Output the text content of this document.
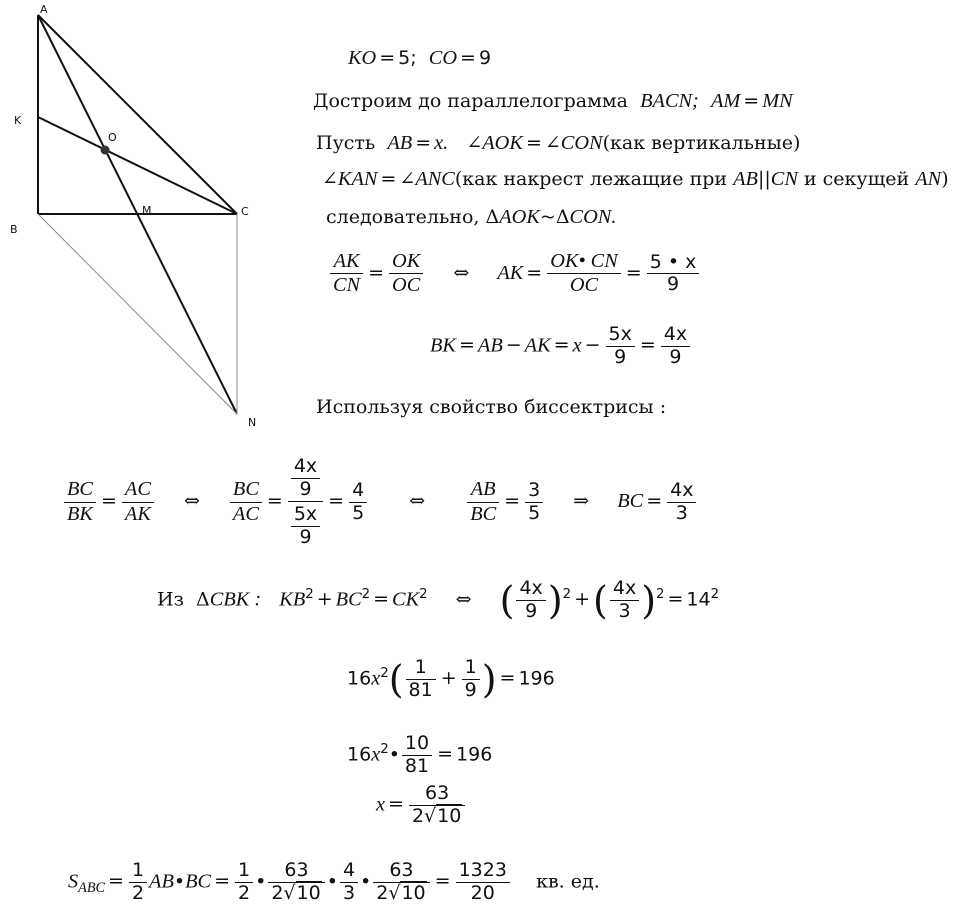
A
K
O
B
M	C
N
KO = 5; CO = 9
Достроим до параллелограмма BACN; AM = MN
Пусть AB = x. ∠AOK = ∠CON(как вертикальные)
∠KAN = ∠ANC(как накрест лежащие при AB||CN и секущей AN)
следовательно, ΔAOK~ΔCON.
$\frac{AK}{CN} = \frac{OK}{OC}$ ⇔ AK = $\frac{OK• CN}{OC} = \frac{5 • x}{9}$
BK = AB − AK = $x - \frac{5x}{9} = \frac{4x}{9}$
Используя свойство биссектрисы :
$\frac{BC}{BK} = \frac{AC}{AK}$ ⇔ $\frac{BC}{AC} = 4x$
9
5x
$9 = \frac{4}{5}$ ⇔ $\frac{AB}{BC} = \frac{3}{5}$ ⇒ BC = $\frac{4x}{3}$
Из ΔCBK : $KB^2 + BC^2 = CK^2$ ⇔ ( $\frac{4x}{9} )^2$ +( $\frac{4x}{3} )^2 = 14^2$
$16x^2( \frac{1}{81} + \frac{1}{9}$ ) = 196
$16x^2• \frac{10}{81} = 196$
$x = \frac{63}{2√10}$
$S_{ABC} = \frac{1}{2}$ AB•BC = $\frac{1}{2}$ • $\frac{63}{2√10}$ • $\frac{4}{3}$ • $\frac{63}{2√10} = \frac{1323}{20}$ кв. ед.
